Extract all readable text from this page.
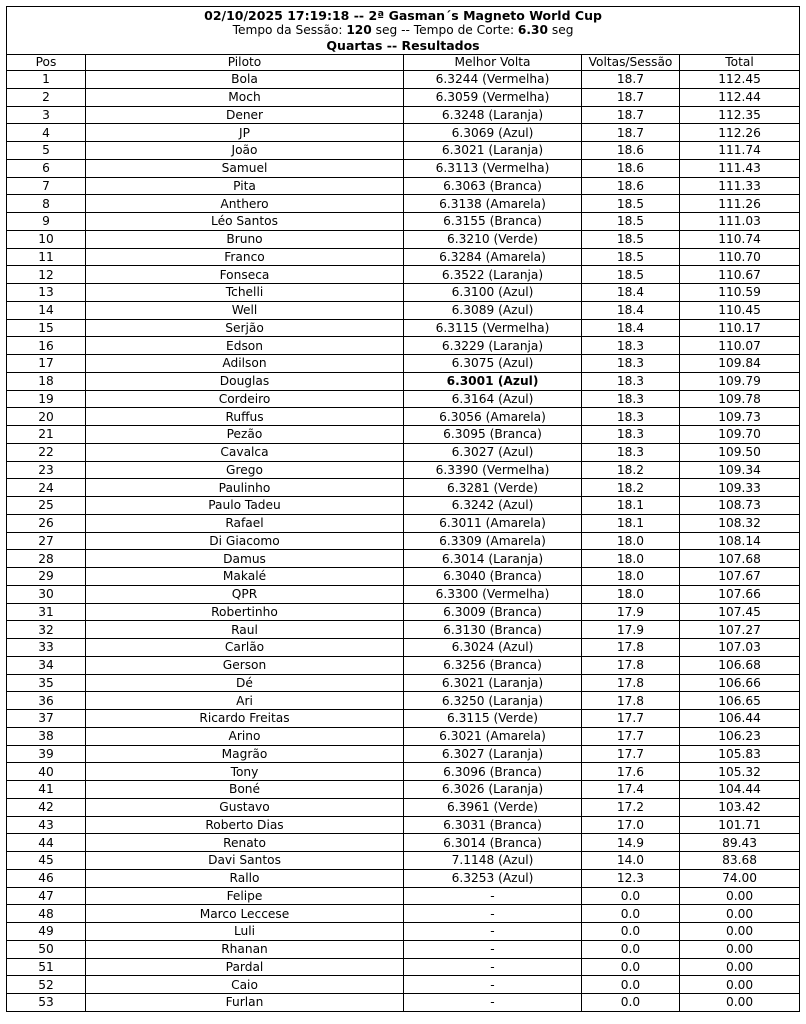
02/10/2025 17:19:18 -- 2ª Gasman´s Magneto World Cup
Tempo da Sessão: 120 seg -- Tempo de Corte: 6.30 seg
Quartas -- Resultados				

Pos	Piloto	Melhor Volta	Voltas/Sessão	Total
1	Bola	6.3244 (Vermelha)	18.7	112.45
2	Moch	6.3059 (Vermelha)	18.7	112.44
3	Dener	6.3248 (Laranja)	18.7	112.35
4	JP	6.3069 (Azul)	18.7	112.26
5	João	6.3021 (Laranja)	18.6	111.74
6	Samuel	6.3113 (Vermelha)	18.6	111.43
7	Pita	6.3063 (Branca)	18.6	111.33
8	Anthero	6.3138 (Amarela)	18.5	111.26
9	Léo Santos	6.3155 (Branca)	18.5	111.03
10	Bruno	6.3210 (Verde)	18.5	110.74
11	Franco	6.3284 (Amarela)	18.5	110.70
12	Fonseca	6.3522 (Laranja)	18.5	110.67
13	Tchelli	6.3100 (Azul)	18.4	110.59
14	Well	6.3089 (Azul)	18.4	110.45
15	Serjão	6.3115 (Vermelha)	18.4	110.17
16	Edson	6.3229 (Laranja)	18.3	110.07
17	Adilson	6.3075 (Azul)	18.3	109.84
18	Douglas	6.3001 (Azul)	18.3	109.79
19	Cordeiro	6.3164 (Azul)	18.3	109.78
20	Ruffus	6.3056 (Amarela)	18.3	109.73
21	Pezão	6.3095 (Branca)	18.3	109.70
22	Cavalca	6.3027 (Azul)	18.3	109.50
23	Grego	6.3390 (Vermelha)	18.2	109.34
24	Paulinho	6.3281 (Verde)	18.2	109.33
25	Paulo Tadeu	6.3242 (Azul)	18.1	108.73
26	Rafael	6.3011 (Amarela)	18.1	108.32
27	Di Giacomo	6.3309 (Amarela)	18.0	108.14
28	Damus	6.3014 (Laranja)	18.0	107.68
29	Makalé	6.3040 (Branca)	18.0	107.67
30	QPR	6.3300 (Vermelha)	18.0	107.66
31	Robertinho	6.3009 (Branca)	17.9	107.45
32	Raul	6.3130 (Branca)	17.9	107.27
33	Carlão	6.3024 (Azul)	17.8	107.03
34	Gerson	6.3256 (Branca)	17.8	106.68
35	Dé	6.3021 (Laranja)	17.8	106.66
36	Ari	6.3250 (Laranja)	17.8	106.65
37	Ricardo Freitas	6.3115 (Verde)	17.7	106.44
38	Arino	6.3021 (Amarela)	17.7	106.23
39	Magrão	6.3027 (Laranja)	17.7	105.83
40	Tony	6.3096 (Branca)	17.6	105.32
41	Boné	6.3026 (Laranja)	17.4	104.44
42	Gustavo	6.3961 (Verde)	17.2	103.42
43	Roberto Dias	6.3031 (Branca)	17.0	101.71
44	Renato	6.3014 (Branca)	14.9	89.43
45	Davi Santos	7.1148 (Azul)	14.0	83.68
46	Rallo	6.3253 (Azul)	12.3	74.00
47	Felipe	-	0.0	0.00
48	Marco Leccese	-	0.0	0.00
49	Luli	-	0.0	0.00
50	Rhanan	-	0.0	0.00
51	Pardal	-	0.0	0.00
52	Caio	-	0.0	0.00
53	Furlan	-	0.0	0.00
